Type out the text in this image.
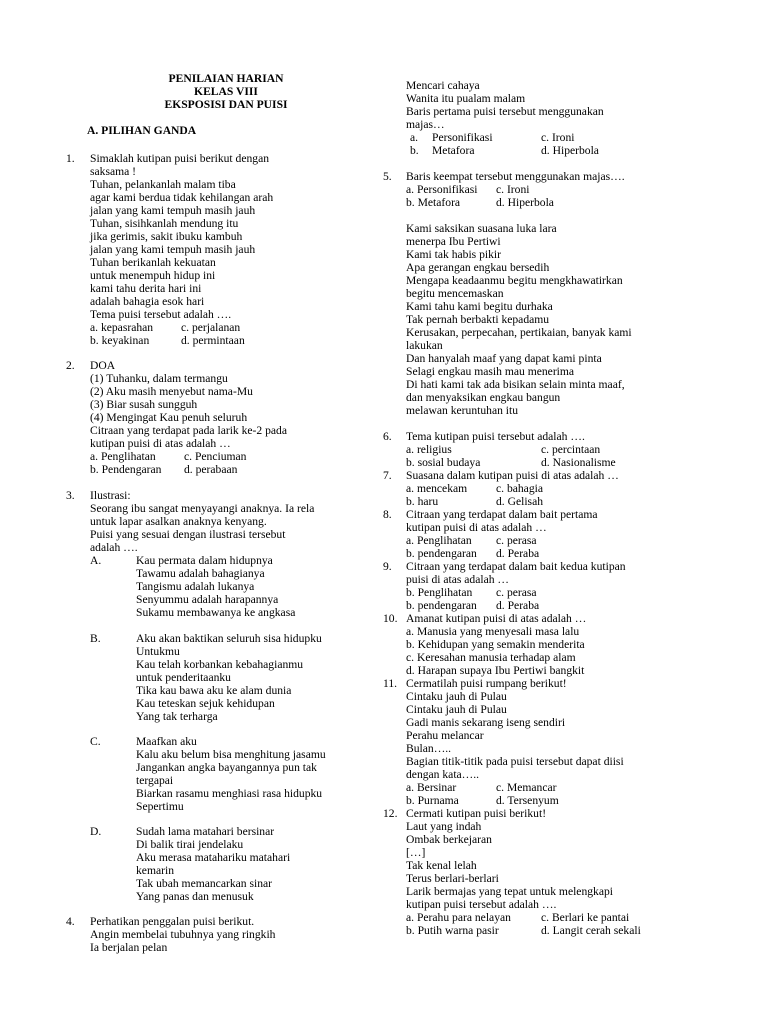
PENILAIAN HARIAN
KELAS VIII
EKSPOSISI DAN PUISI
A. PILIHAN GANDA
1. Simaklah kutipan puisi berikut dengan
saksama !
Tuhan, pelankanlah malam tiba
agar kami berdua tidak kehilangan arah
jalan yang kami tempuh masih jauh
Tuhan, sisihkanlah mendung itu
jika gerimis, sakit ibuku kambuh
jalan yang kami tempuh masih jauh
Tuhan berikanlah kekuatan
untuk menempuh hidup ini
kami tahu derita hari ini
adalah bahagia esok hari
Tema puisi tersebut adalah ….
a. kepasrahan c. perjalanan
b. keyakinan	d. permintaan
2. DOA
(1) Tuhanku, dalam termangu
(2) Aku masih menyebut nama-Mu
(3) Biar susah sungguh
(4) Mengingat Kau penuh seluruh
Citraan yang terdapat pada larik ke-2 pada
kutipan puisi di atas adalah …
a. Penglihatan c. Penciuman
b. Pendengaran d. perabaan
3. Ilustrasi:
Seorang ibu sangat menyayangi anaknya. Ia rela
untuk lapar asalkan anaknya kenyang.
Puisi yang sesuai dengan ilustrasi tersebut
adalah ….
A.	Kau permata dalam hidupnya
Tawamu adalah bahagianya
Tangismu adalah lukanya
Senyummu adalah harapannya
Sukamu membawanya ke angkasa
B.	Aku akan baktikan seluruh sisa hidupku
Untukmu
Kau telah korbankan kebahagianmu
untuk penderitaanku
Tika kau bawa aku ke alam dunia
Kau teteskan sejuk kehidupan
Yang tak terharga
C.	Maafkan aku
Kalu aku belum bisa menghitung jasamu
Jangankan angka bayangannya pun tak
tergapai
Biarkan rasamu menghiasi rasa hidupku
Sepertimu
D.	Sudah lama matahari bersinar
Di balik tirai jendelaku
Aku merasa matahariku matahari
kemarin
Tak ubah memancarkan sinar
Yang panas dan menusuk
4. Perhatikan penggalan puisi berikut.
Angin membelai tubuhnya yang ringkih
Ia berjalan pelan
Mencari cahaya
Wanita itu pualam malam
Baris pertama puisi tersebut menggunakan
majas…
a. Personifikasi	c. Ironi
b. Metafora	d. Hiperbola
5. Baris keempat tersebut menggunakan majas….
a. Personifikasi c. Ironi
b. Metafora	d. Hiperbola
Kami saksikan suasana luka lara
menerpa Ibu Pertiwi
Kami tak habis pikir
Apa gerangan engkau bersedih
Mengapa keadaanmu begitu mengkhawatirkan
begitu mencemaskan
Kami tahu kami begitu durhaka
Tak pernah berbakti kepadamu
Kerusakan, perpecahan, pertikaian, banyak kami
lakukan
Dan hanyalah maaf yang dapat kami pinta
Selagi engkau masih mau menerima
Di hati kami tak ada bisikan selain minta maaf,
dan menyaksikan engkau bangun
melawan keruntuhan itu
6. Tema kutipan puisi tersebut adalah ….
a. religius	c. percintaan
b. sosial budaya	d. Nasionalisme
7. Suasana dalam kutipan puisi di atas adalah …
a. mencekam c. bahagia
b. haru	d. Gelisah
8. Citraan yang terdapat dalam bait pertama
kutipan puisi di atas adalah …
a. Penglihatan c. perasa
b. pendengaran d. Peraba
9. Citraan yang terdapat dalam bait kedua kutipan
puisi di atas adalah …
b. Penglihatan c. perasa
b. pendengaran d. Peraba
10. Amanat kutipan puisi di atas adalah …
a. Manusia yang menyesali masa lalu
b. Kehidupan yang semakin menderita
c. Keresahan manusia terhadap alam
d. Harapan supaya Ibu Pertiwi bangkit
11. Cermatilah puisi rumpang berikut!
Cintaku jauh di Pulau
Cintaku jauh di Pulau
Gadi manis sekarang iseng sendiri
Perahu melancar
Bulan…..
Bagian titik-titik pada puisi tersebut dapat diisi
dengan kata…..
a. Bersinar	c. Memancar
b. Purnama	d. Tersenyum
12. Cermati kutipan puisi berikut!
Laut yang indah
Ombak berkejaran
[…]
Tak kenal lelah
Terus berlari-berlari
Larik bermajas yang tepat untuk melengkapi
kutipan puisi tersebut adalah ….
a. Perahu para nelayan	c. Berlari ke pantai
b. Putih warna pasir	d. Langit cerah sekali
